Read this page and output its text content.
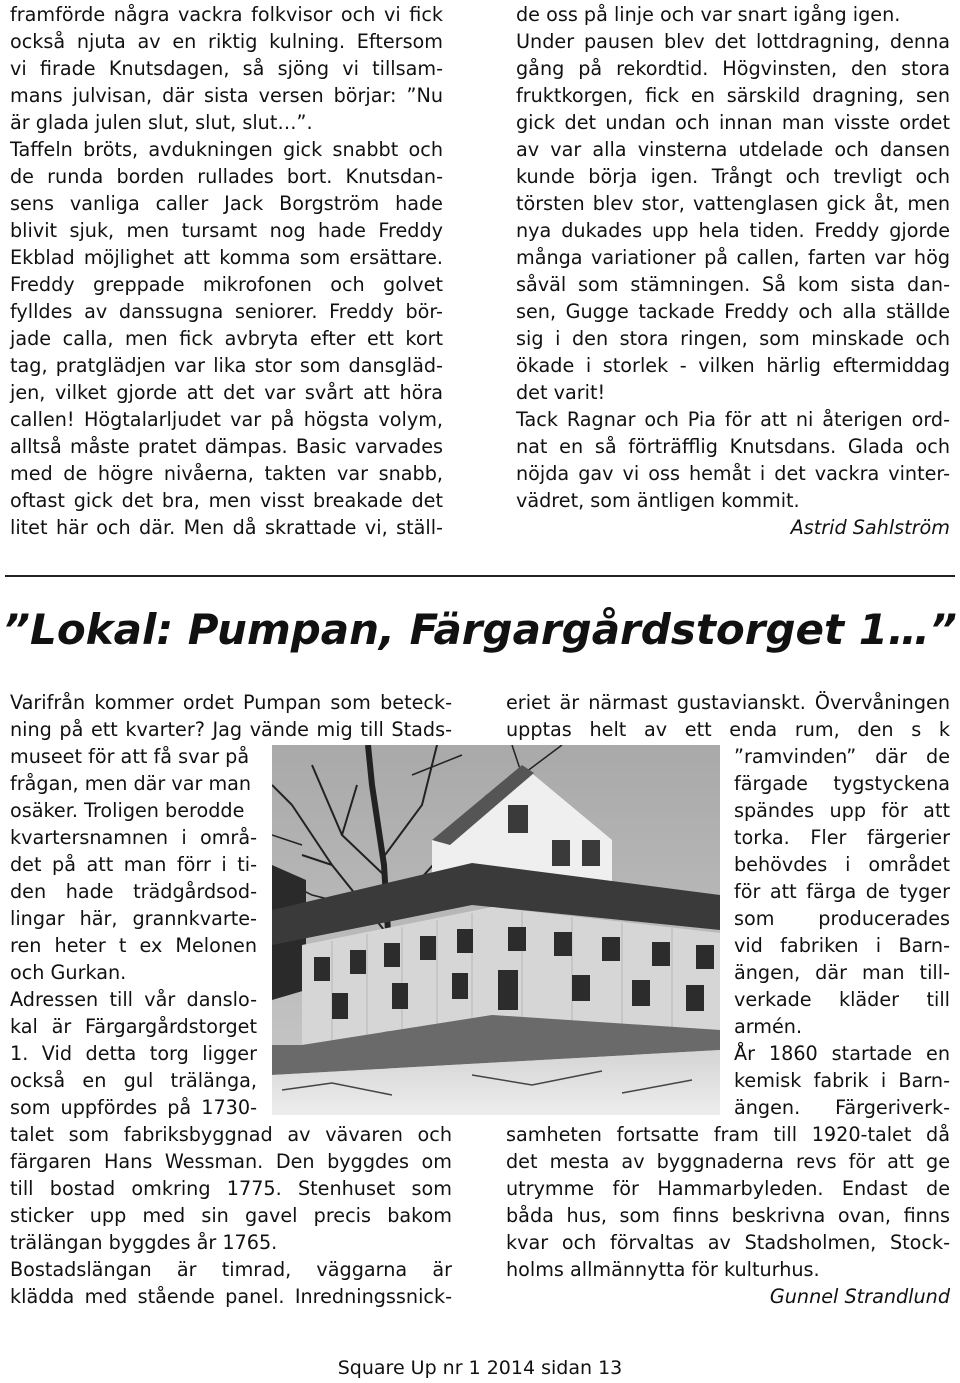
framförde några vackra folkvisor och vi fick
också njuta av en riktig kulning. Eftersom
vi firade Knutsdagen, så sjöng vi tillsam-
mans julvisan, där sista versen börjar: ”Nu
är glada julen slut, slut, slut…”.
Taffeln bröts, avdukningen gick snabbt och
de runda borden rullades bort. Knutsdan-
sens vanliga caller Jack Borgström hade
blivit sjuk, men tursamt nog hade Freddy
Ekblad möjlighet att komma som ersättare.
Freddy greppade mikrofonen och golvet
fylldes av danssugna seniorer. Freddy bör-
jade calla, men fick avbryta efter ett kort
tag, pratglädjen var lika stor som dansgläd-
jen, vilket gjorde att det var svårt att höra
callen! Högtalarljudet var på högsta volym,
alltså måste pratet dämpas. Basic varvades
med de högre nivåerna, takten var snabb,
oftast gick det bra, men visst breakade det
litet här och där. Men då skrattade vi, ställ-
de oss på linje och var snart igång igen.
Under pausen blev det lottdragning, denna
gång på rekordtid. Högvinsten, den stora
fruktkorgen, fick en särskild dragning, sen
gick det undan och innan man visste ordet
av var alla vinsterna utdelade och dansen
kunde börja igen. Trångt och trevligt och
törsten blev stor, vattenglasen gick åt, men
nya dukades upp hela tiden. Freddy gjorde
många variationer på callen, farten var hög
såväl som stämningen. Så kom sista dan-
sen, Gugge tackade Freddy och alla ställde
sig i den stora ringen, som minskade och
ökade i storlek - vilken härlig eftermiddag
det varit!
Tack Ragnar och Pia för att ni återigen ord-
nat en så förträfflig Knutsdans. Glada och
nöjda gav vi oss hemåt i det vackra vinter-
vädret, som äntligen kommit.
Astrid Sahlström
”Lokal: Pumpan, Färgargårdstorget 1…”
Varifrån kommer ordet Pumpan som beteck-
ning på ett kvarter? Jag vände mig till Stads-
museet för att få svar på
frågan, men där var man
osäker. Troligen berodde
kvartersnamnen i områ-
det på att man förr i ti-
den hade trädgårdsod-
lingar här, grannkvarte-
ren heter t ex Melonen
och Gurkan.
Adressen till vår danslo-
kal är Färgargårdstorget
1. Vid detta torg ligger
också en gul trälänga,
som uppfördes på 1730-
talet som fabriksbyggnad av vävaren och
färgaren Hans Wessman. Den byggdes om
till bostad omkring 1775. Stenhuset som
sticker upp med sin gavel precis bakom
trälängan byggdes år 1765.
Bostadslängan är timrad, väggarna är
klädda med stående panel. Inredningssnick-
eriet är närmast gustavianskt. Övervåningen
upptas helt av ett enda rum, den s k
”ramvinden” där de
färgade tygstyckena
spändes upp för att
torka. Fler färgerier
behövdes i området
för att färga de tyger
som producerades
vid fabriken i Barn-
ängen, där man till-
verkade kläder till
armén.
År 1860 startade en
kemisk fabrik i Barn-
ängen. Färgeriverk-
samheten fortsatte fram till 1920-talet då
det mesta av byggnaderna revs för att ge
utrymme för Hammarbyleden. Endast de
båda hus, som finns beskrivna ovan, finns
kvar och förvaltas av Stadsholmen, Stock-
holms allmännytta för kulturhus.
Gunnel Strandlund
Square Up nr 1 2014 sidan 13
